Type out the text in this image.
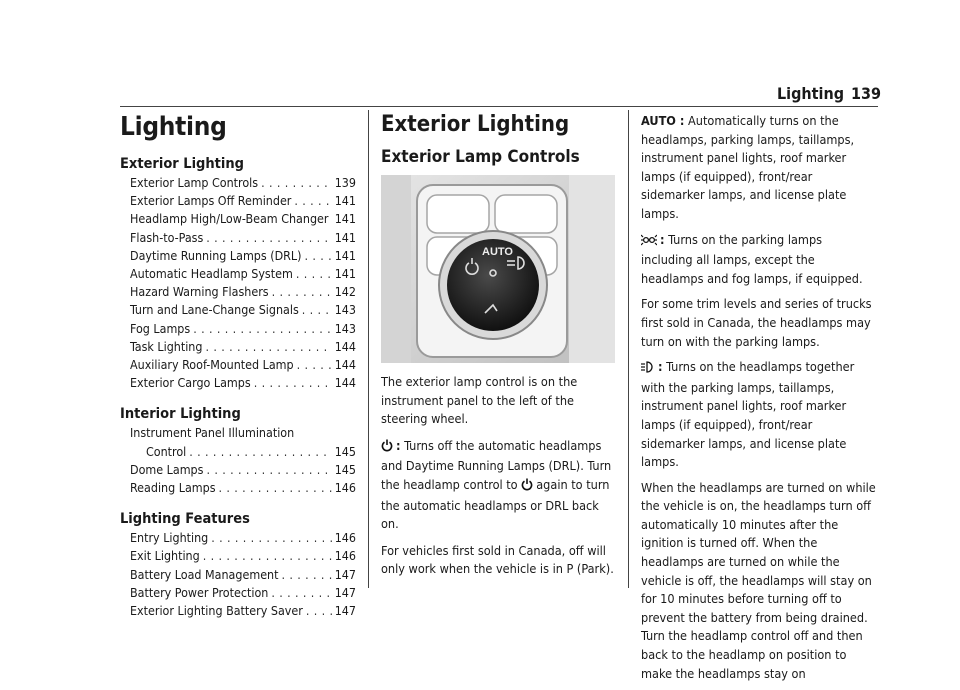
Lighting 139
Lighting
Exterior Lighting
Exterior Lamp Controls . . .	139
Exterior Lamps Off Reminder . . .	141
Headlamp High/Low-Beam Changer . . . 141
Flash-to-Pass . . .	141
Daytime Running Lamps (DRL) . . .	141
Automatic Headlamp System . . .	141
Hazard Warning Flashers . . .	142
Turn and Lane-Change Signals . . .	143
Fog Lamps . . .	143
Task Lighting . . .	144
Auxiliary Roof-Mounted Lamp . . .	144
Exterior Cargo Lamps . . .	144
Interior Lighting
Instrument Panel Illumination
Control . . .	145
Dome Lamps . . .	145
Reading Lamps . . .	146
Lighting Features
Entry Lighting . . .	146
Exit Lighting . . .	146
Battery Load Management . . .	147
Battery Power Protection . . .	147
Exterior Lighting Battery Saver . . .	147
Exterior Lighting
Exterior Lamp Controls
AUTO

The exterior lamp control is on the instrument panel to the left of the steering wheel.

: Turns off the automatic headlamps and Daytime Running Lamps (DRL). Turn the headlamp control to again to turn the automatic headlamps or DRL back on.

For vehicles first sold in Canada, off will only work when the vehicle is in P (Park).

AUTO : Automatically turns on the headlamps, parking lamps, taillamps, instrument panel lights, roof marker lamps (if equipped), front/rear sidemarker lamps, and license plate lamps.

: Turns on the parking lamps including all lamps, except the headlamps and fog lamps, if equipped.

For some trim levels and series of trucks first sold in Canada, the headlamps may turn on with the parking lamps.

: Turns on the headlamps together with the parking lamps, taillamps, instrument panel lights, roof marker lamps (if equipped), front/rear sidemarker lamps, and license plate lamps.

When the headlamps are turned on while the vehicle is on, the headlamps turn off automatically 10 minutes after the ignition is turned off. When the headlamps are turned on while the vehicle is off, the headlamps will stay on for 10 minutes before turning off to prevent the battery from being drained. Turn the headlamp control off and then back to the headlamp on position to make the headlamps stay on
